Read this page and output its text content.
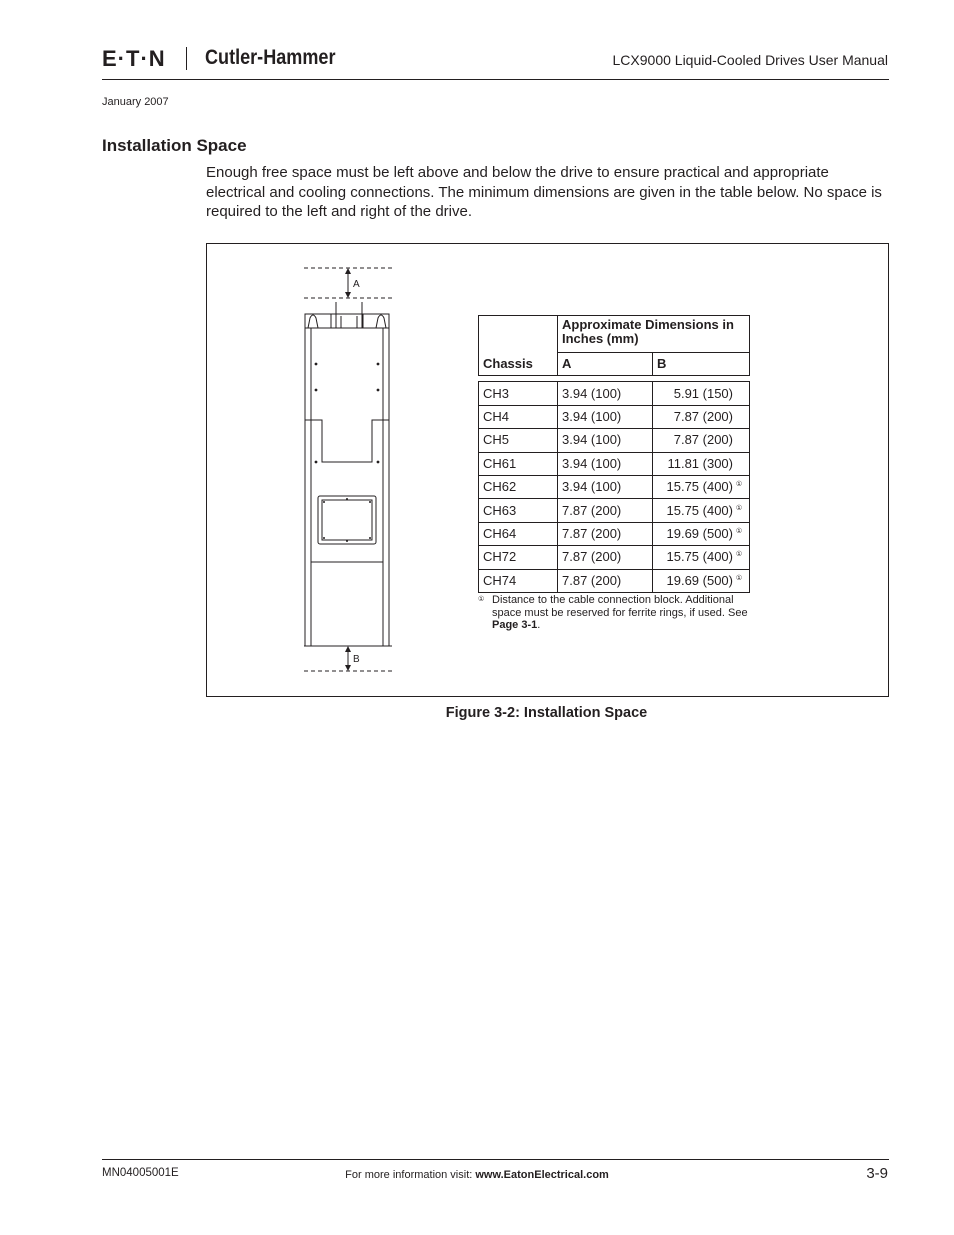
E·T·N Cutler-Hammer	LCX9000 Liquid-Cooled Drives User Manual
January 2007
Installation Space
Enough free space must be left above and below the drive to ensure practical and appropriate electrical and cooling connections. The minimum dimensions are given in the table below. No space is required to the left and right of the drive.
A
B
Chassis	Approximate Dimensions in Inches (mm)	
	A	B

CH3	3.94 (100)	5.91 (150)
CH4	3.94 (100)	7.87 (200)
CH5	3.94 (100)	7.87 (200)
CH61	3.94 (100)	11.81 (300)
CH62	3.94 (100)	15.75 (400) ①
CH63	7.87 (200)	15.75 (400) ①
CH64	7.87 (200)	19.69 (500) ①
CH72	7.87 (200)	15.75 (400) ①
CH74	7.87 (200)	19.69 (500) ①
① Distance to the cable connection block. Additional space must be reserved for ferrite rings, if used. See Page 3-1.
Figure 3-2: Installation Space
MN04005001E	For more information visit: www.EatonElectrical.com	3-9
